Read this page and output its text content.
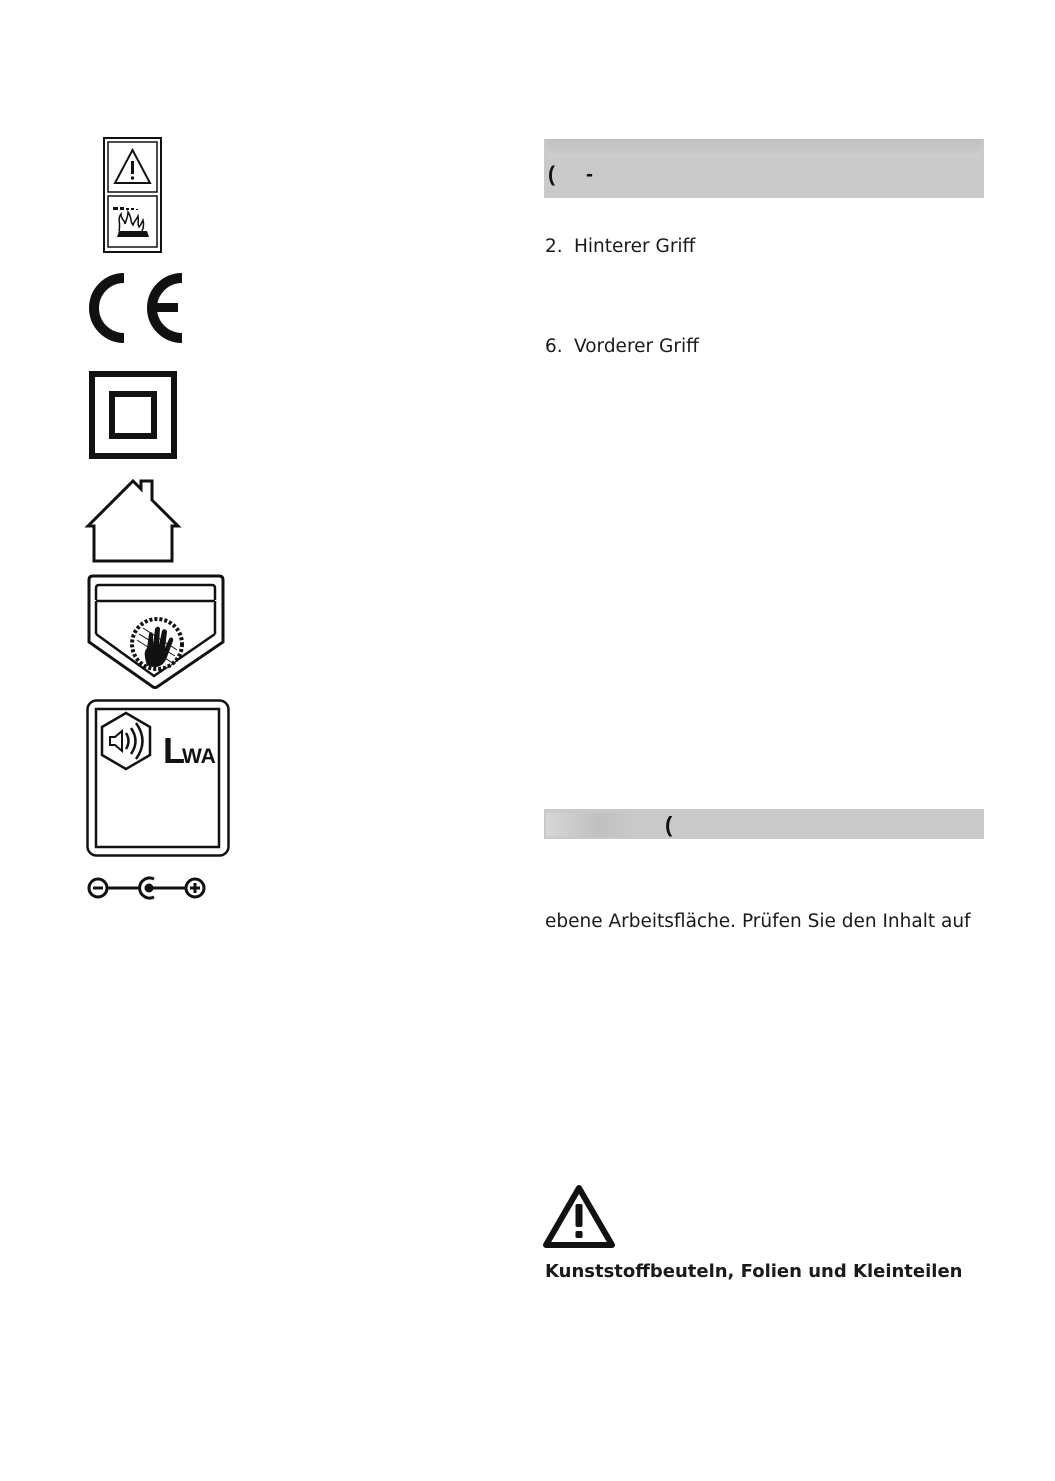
L
WA
( -
2. Hinterer Griff
6. Vorderer Griff
(
ebene Arbeitsfläche. Prüfen Sie den Inhalt auf
Kunststoffbeuteln, Folien und Kleinteilen
